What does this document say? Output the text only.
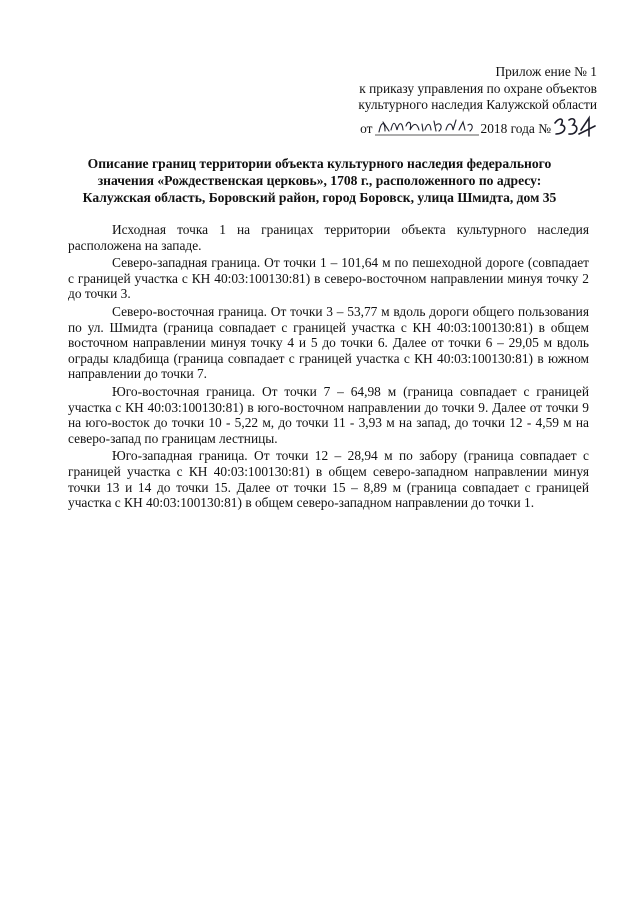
Прилож ение № 1
к приказу управления по охране объектов
культурного наследия Калужской области
от	2018 года №
Описание границ территории объекта культурного наследия федерального
значения «Рождественская церковь», 1708 г., расположенного по адресу:
Калужская область, Боровский район, город Боровск, улица Шмидта, дом 35

Исходная точка 1 на границах территории объекта культурного наследия расположена на западе.

Северо-западная граница. От точки 1 – 101,64 м по пешеходной дороге (совпадает с границей участка с КН 40:03:100130:81) в северо-восточном направлении минуя точку 2 до точки 3.

Северо-восточная граница. От точки 3 – 53,77 м вдоль дороги общего пользования по ул. Шмидта (граница совпадает с границей участка с КН 40:03:100130:81) в общем восточном направлении минуя точку 4 и 5 до точки 6. Далее от точки 6 – 29,05 м вдоль ограды кладбища (граница совпадает с границей участка с КН 40:03:100130:81) в южном направлении до точки 7.

Юго-восточная граница. От точки 7 – 64,98 м (граница совпадает с границей участка с КН 40:03:100130:81) в юго-восточном направлении до точки 9. Далее от точки 9 на юго-восток до точки 10 - 5,22 м, до точки 11 - 3,93 м на запад, до точки 12 - 4,59 м на северо-запад по границам лестницы.

Юго-западная граница. От точки 12 – 28,94 м по забору (граница совпадает с границей участка с КН 40:03:100130:81) в общем северо-западном направлении минуя точки 13 и 14 до точки 15. Далее от точки 15 – 8,89 м (граница совпадает с границей участка с КН 40:03:100130:81) в общем северо-западном направлении до точки 1.
